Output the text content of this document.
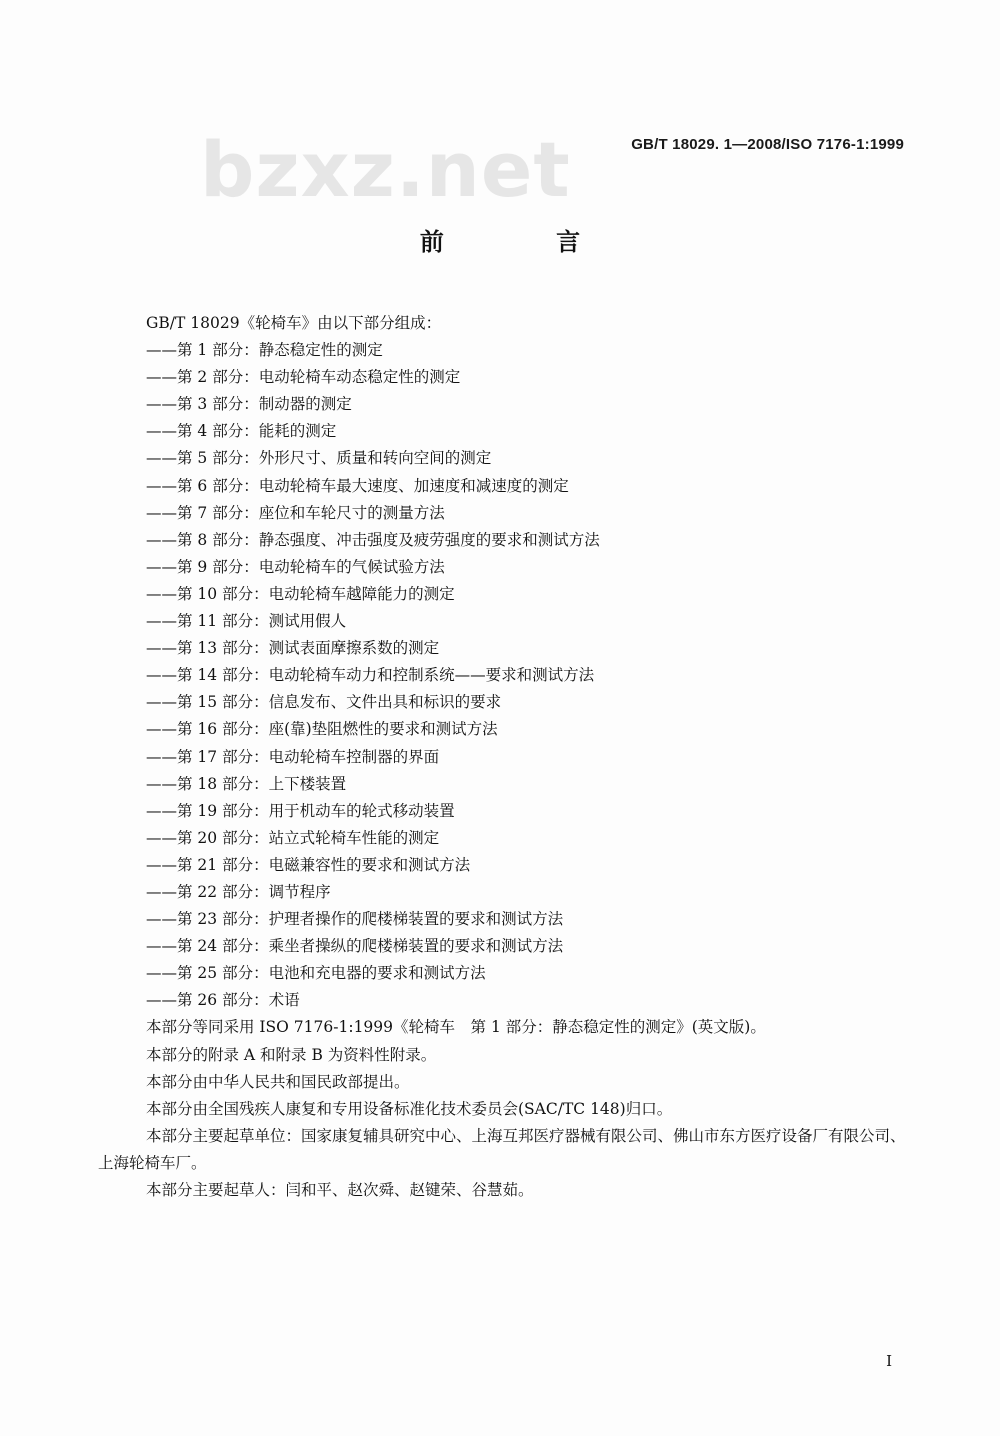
bzxz.net	GB/T 18029. 1—2008/ISO 7176-1:1999
前 言

GB/T 18029《轮椅车》由以下部分组成：

——第 1 部分：静态稳定性的测定

——第 2 部分：电动轮椅车动态稳定性的测定

——第 3 部分：制动器的测定

——第 4 部分：能耗的测定

——第 5 部分：外形尺寸、质量和转向空间的测定

——第 6 部分：电动轮椅车最大速度、加速度和减速度的测定

——第 7 部分：座位和车轮尺寸的测量方法

——第 8 部分：静态强度、冲击强度及疲劳强度的要求和测试方法

——第 9 部分：电动轮椅车的气候试验方法

——第 10 部分：电动轮椅车越障能力的测定

——第 11 部分：测试用假人

——第 13 部分：测试表面摩擦系数的测定

——第 14 部分：电动轮椅车动力和控制系统——要求和测试方法

——第 15 部分：信息发布、文件出具和标识的要求

——第 16 部分：座(靠)垫阻燃性的要求和测试方法

——第 17 部分：电动轮椅车控制器的界面

——第 18 部分：上下楼装置

——第 19 部分：用于机动车的轮式移动装置

——第 20 部分：站立式轮椅车性能的测定

——第 21 部分：电磁兼容性的要求和测试方法

——第 22 部分：调节程序

——第 23 部分：护理者操作的爬楼梯装置的要求和测试方法

——第 24 部分：乘坐者操纵的爬楼梯装置的要求和测试方法

——第 25 部分：电池和充电器的要求和测试方法

——第 26 部分：术语

本部分等同采用 ISO 7176-1:1999《轮椅车　第 1 部分：静态稳定性的测定》(英文版)。

本部分的附录 A 和附录 B 为资料性附录。

本部分由中华人民共和国民政部提出。

本部分由全国残疾人康复和专用设备标准化技术委员会(SAC/TC 148)归口。

本部分主要起草单位：国家康复辅具研究中心、上海互邦医疗器械有限公司、佛山市东方医疗设备厂有限公司、上海轮椅车厂。

本部分主要起草人：闫和平、赵次舜、赵键荣、谷慧茹。

I
